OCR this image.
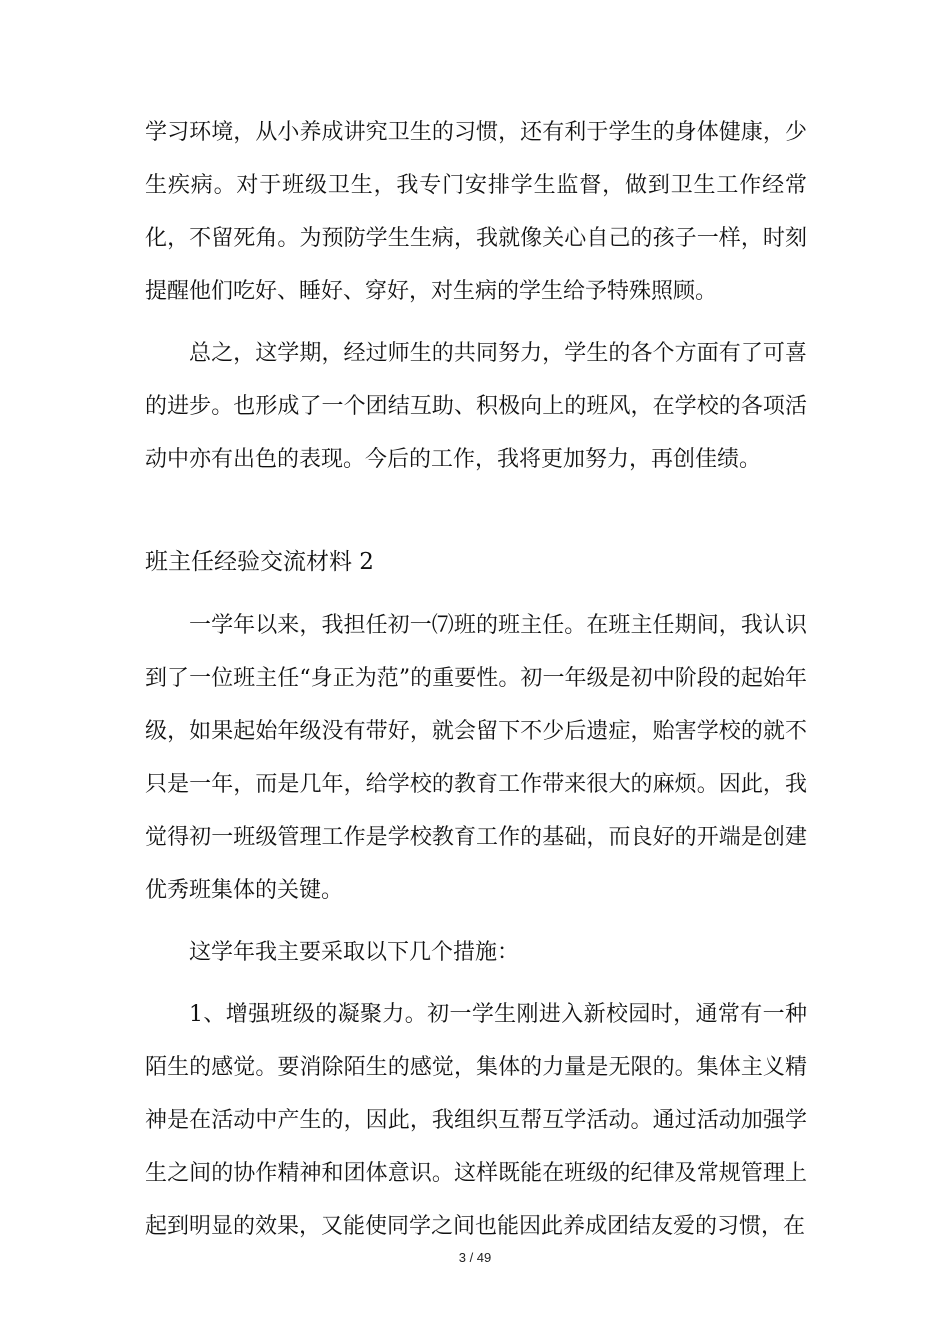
学习环境，从小养成讲究卫生的习惯，还有利于学生的身体健康，少生疾病。对于班级卫生，我专门安排学生监督，做到卫生工作经常化，不留死角。为预防学生生病，我就像关心自己的孩子一样，时刻提醒他们吃好、睡好、穿好，对生病的学生给予特殊照顾。

总之，这学期，经过师生的共同努力，学生的各个方面有了可喜的进步。也形成了一个团结互助、积极向上的班风，在学校的各项活动中亦有出色的表现。今后的工作，我将更加努力，再创佳绩。

班主任经验交流材料 2

一学年以来，我担任初一⑺班的班主任。在班主任期间，我认识到了一位班主任“身正为范”的重要性。初一年级是初中阶段的起始年级，如果起始年级没有带好，就会留下不少后遗症，贻害学校的就不只是一年，而是几年，给学校的教育工作带来很大的麻烦。因此，我觉得初一班级管理工作是学校教育工作的基础，而良好的开端是创建优秀班集体的关键。

这学年我主要采取以下几个措施：

1、增强班级的凝聚力。初一学生刚进入新校园时，通常有一种陌生的感觉。要消除陌生的感觉，集体的力量是无限的。集体主义精神是在活动中产生的，因此，我组织互帮互学活动。通过活动加强学生之间的协作精神和团体意识。这样既能在班级的纪律及常规管理上起到明显的效果，又能使同学之间也能因此养成团结友爱的习惯，在

3 / 49
